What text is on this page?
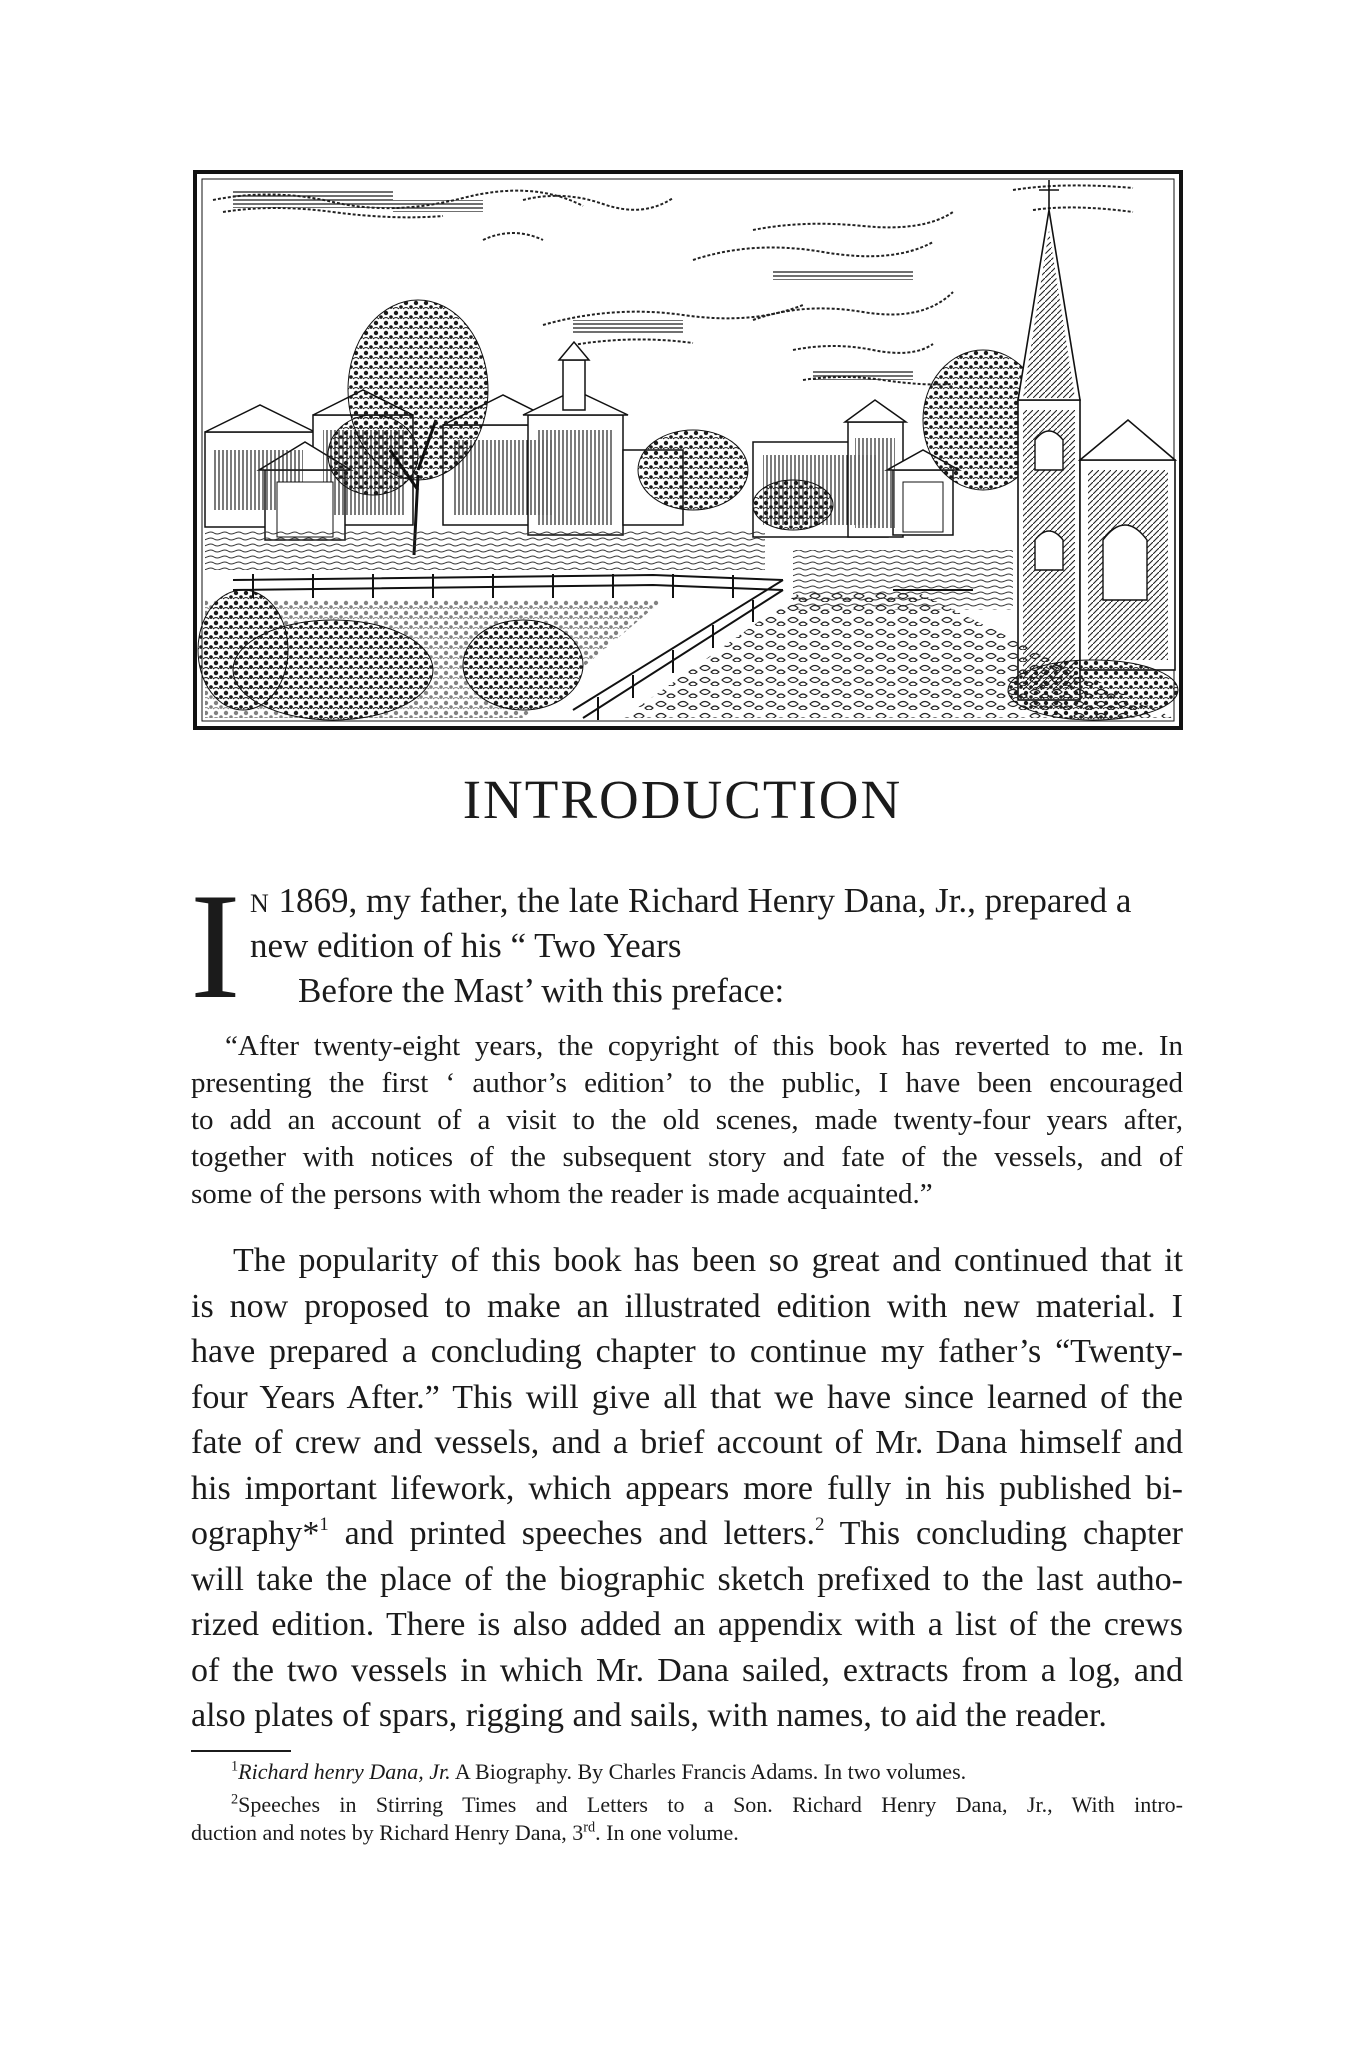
INTRODUCTION
I N 1869, my father, the late Richard Henry Dana, Jr., prepared a
new edition of his “ Two Years
Before the Mast’ with this preface:

“After twenty-eight years, the copyright of this book has reverted to me. In
presenting the first ‘ author’s edition’ to the public, I have been encouraged
to add an account of a visit to the old scenes, made twenty-four years after,
together with notices of the subsequent story and fate of the vessels, and of
some of the persons with whom the reader is made acquainted.”

The popularity of this book has been so great and continued that it
is now proposed to make an illustrated edition with new material. I
have prepared a concluding chapter to continue my father’s “Twenty-
four Years After.” This will give all that we have since learned of the
fate of crew and vessels, and a brief account of Mr. Dana himself and
his important lifework, which appears more fully in his published bi-
ography*$^1$ and printed speeches and letters.$^2$ This concluding chapter
will take the place of the biographic sketch prefixed to the last autho-
rized edition. There is also added an appendix with a list of the crews
of the two vessels in which Mr. Dana sailed, extracts from a log, and
also plates of spars, rigging and sails, with names, to aid the reader.

$^1$Richard henry Dana, Jr. A Biography. By Charles Francis Adams. In two volumes.
$^2$Speeches in Stirring Times and Letters to a Son. Richard Henry Dana, Jr., With intro-
duction and notes by Richard Henry Dana, 3rd. In one volume.
